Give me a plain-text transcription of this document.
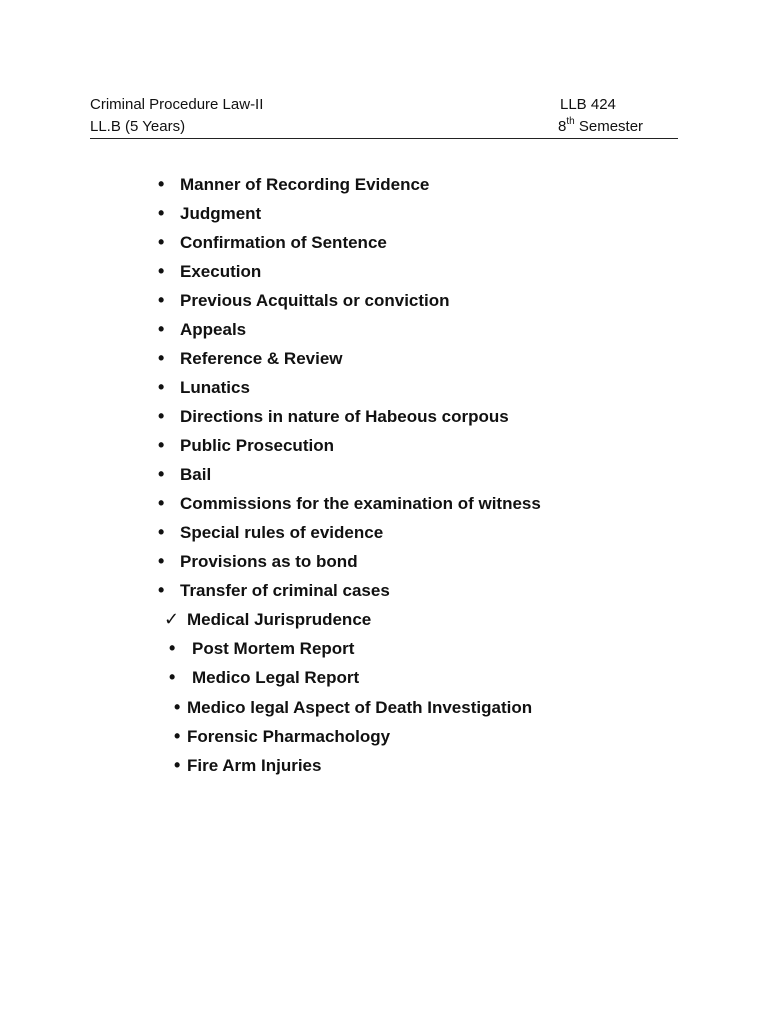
Criminal Procedure Law-II
LL.B (5 Years)
LLB 424
8th Semester
• Manner of Recording Evidence
• Judgment
• Confirmation of Sentence
• Execution
• Previous Acquittals or conviction
• Appeals
• Reference & Review
• Lunatics
• Directions in nature of Habeous corpous
• Public Prosecution
• Bail
• Commissions for the examination of witness
• Special rules of evidence
• Provisions as to bond
• Transfer of criminal cases
✓ Medical Jurisprudence
• Post Mortem Report
• Medico Legal Report
• Medico legal Aspect of Death Investigation
• Forensic Pharmachology
• Fire Arm Injuries
